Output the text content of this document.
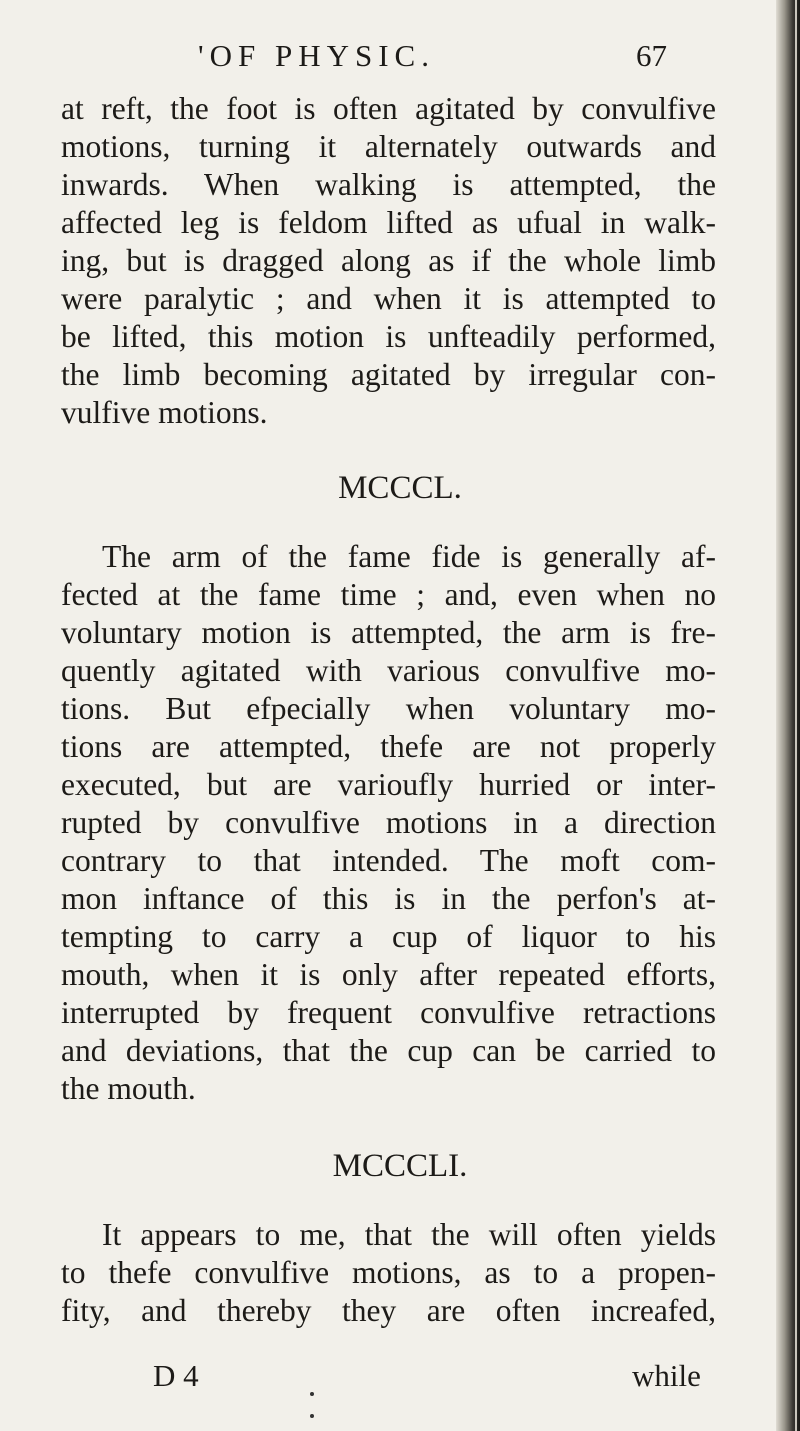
'OF PHYSIC.	67
at reft, the foot is often agitated by convulfive
motions, turning it alternately outwards and
inwards. When walking is attempted, the
affected leg is feldom lifted as ufual in walk-
ing, but is dragged along as if the whole limb
were paralytic ; and when it is attempted to
be lifted, this motion is unfteadily performed,
the limb becoming agitated by irregular con-
vulfive motions.
MCCCL.
The arm of the fame fide is generally af-
fected at the fame time ; and, even when no
voluntary motion is attempted, the arm is fre-
quently agitated with various convulfive mo-
tions. But efpecially when voluntary mo-
tions are attempted, thefe are not properly
executed, but are varioufly hurried or inter-
rupted by convulfive motions in a direction
contrary to that intended. The moft com-
mon inftance of this is in the perfon's at-
tempting to carry a cup of liquor to his
mouth, when it is only after repeated efforts,
interrupted by frequent convulfive retractions
and deviations, that the cup can be carried to
the mouth.
MCCCLI.
It appears to me, that the will often yields
to thefe convulfive motions, as to a propen-
fity, and thereby they are often increafed,
D 4	while
